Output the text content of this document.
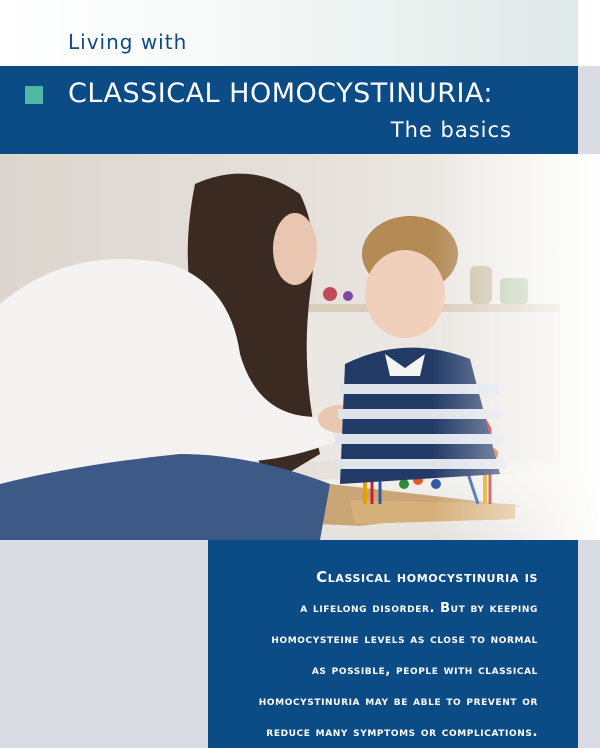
Living with

CLASSICAL HOMOCYSTINURIA:
The basics

Classical homocystinuria is
a lifelong disorder. But by keeping
homocysteine levels as close to normal
as possible, people with classical
homocystinuria may be able to prevent or
reduce many symptoms or complications.
